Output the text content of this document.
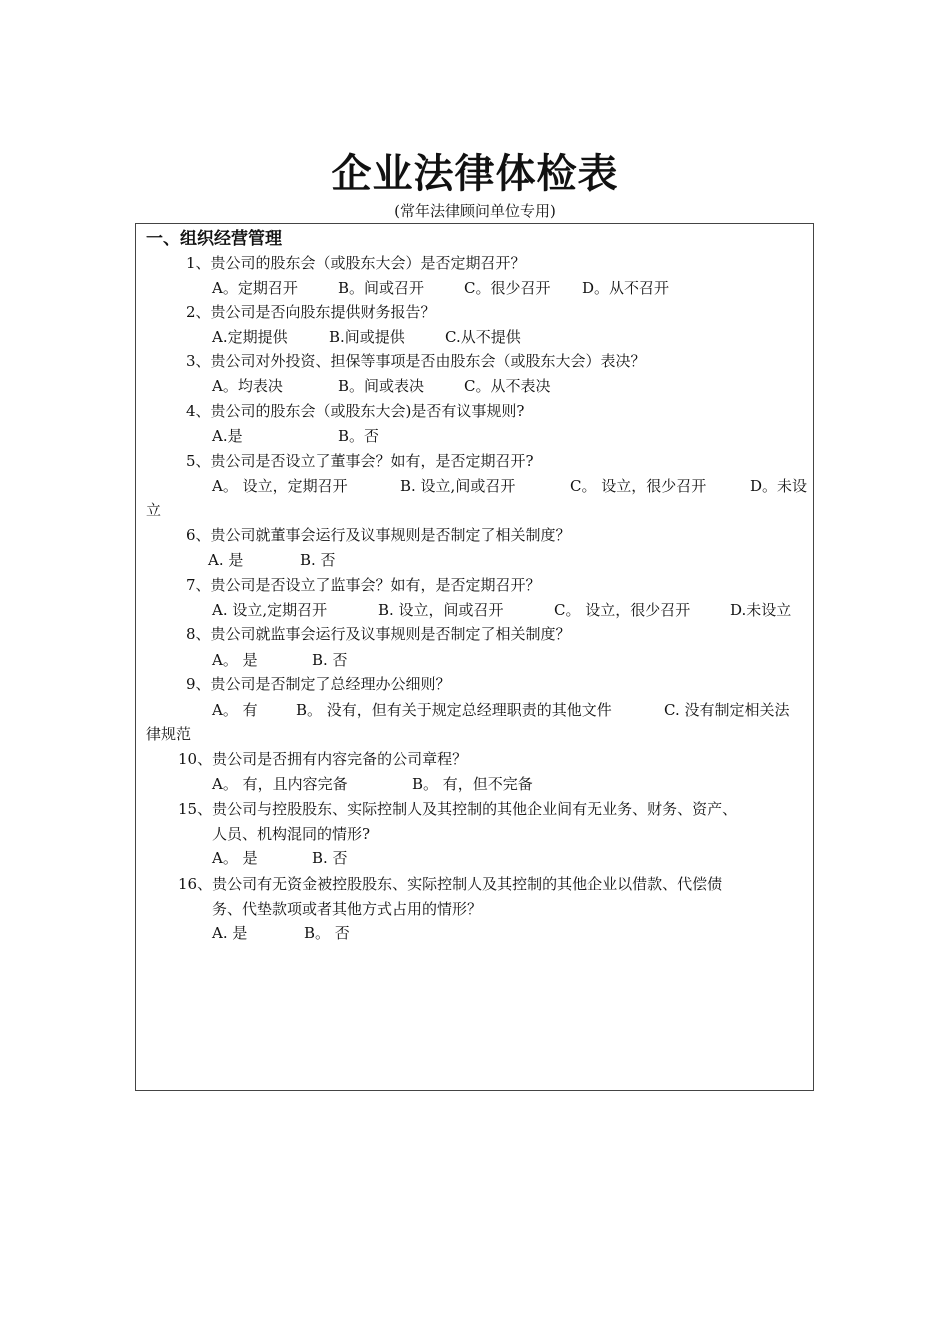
企业法律体检表
(常年法律顾问单位专用)
一、组织经营管理
1、贵公司的股东会（或股东大会）是否定期召开？
A。定期召开	B。间或召开	C。很少召开 D。从不召开
2、贵公司是否向股东提供财务报告？
A.定期提供	B.间或提供	C.从不提供
3、贵公司对外投资、担保等事项是否由股东会（或股东大会）表决？
A。均表决	B。间或表决	C。从不表决
4、贵公司的股东会（或股东大会)是否有议事规则?
A.是	B。否
5、贵公司是否设立了董事会？如有，是否定期召开?
A。 设立，定期召开	B. 设立,间或召开	C。 设立，很少召开	D。未设
立
6、贵公司就董事会运行及议事规则是否制定了相关制度？
A. 是	B. 否
7、贵公司是否设立了监事会？如有，是否定期召开？
A. 设立,定期召开	B. 设立，间或召开	C。 设立，很少召开	D.未设立
8、贵公司就监事会运行及议事规则是否制定了相关制度？
A。 是	B. 否
9、贵公司是否制定了总经理办公细则？
A。 有	B。 没有，但有关于规定总经理职责的其他文件	C. 没有制定相关法
律规范
10、贵公司是否拥有内容完备的公司章程？
A。 有，且内容完备	B。 有，但不完备
15、贵公司与控股股东、实际控制人及其控制的其他企业间有无业务、财务、资产、
人员、机构混同的情形?
A。 是	B. 否
16、贵公司有无资金被控股股东、实际控制人及其控制的其他企业以借款、代偿债
务、代垫款项或者其他方式占用的情形？
A. 是	B。 否
